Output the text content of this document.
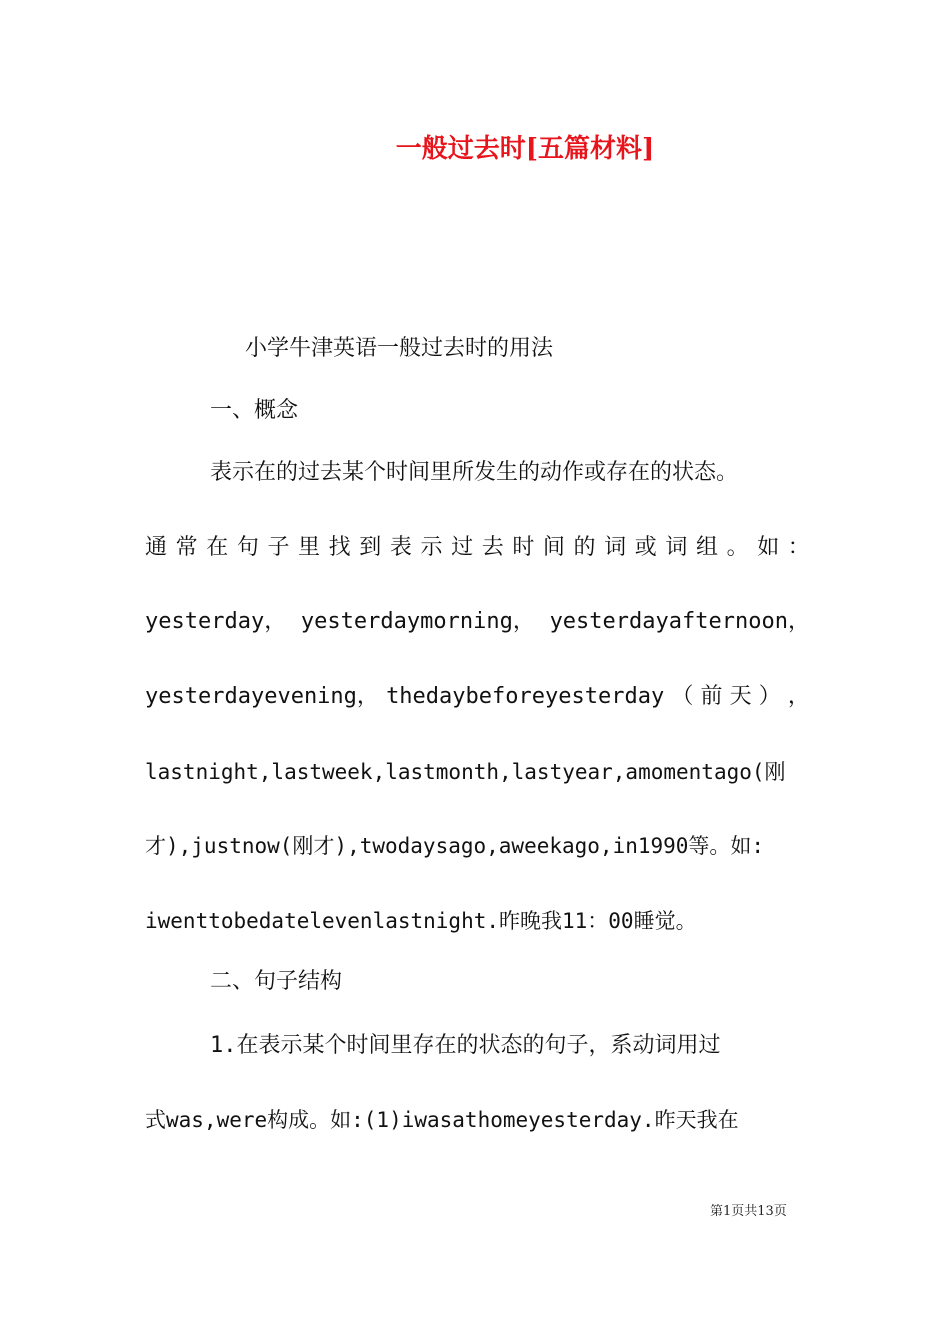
一般过去时[五篇材料]
小学牛津英语一般过去时的用法
一、概念
表示在的过去某个时间里所发生的动作或存在的状态。
通 常 在 句 子 里 找 到 表 示 过 去 时 间 的 词 或 词 组 。 如 ：
yesterday， yesterdaymorning， yesterdayafternoon，
yesterdayevening， thedaybeforeyesterday （ 前 天 ） ，
lastnight,lastweek,lastmonth,lastyear,amomentago(刚
才),justnow(刚才),twodaysago,aweekago,in1990等。如:
iwenttobedatelevenlastnight.昨晚我11：00睡觉。
二、句子结构
1.在表示某个时间里存在的状态的句子，系动词用过
式was,were构成。如:(1)iwasathomeyesterday.昨天我在
第1页共13页
